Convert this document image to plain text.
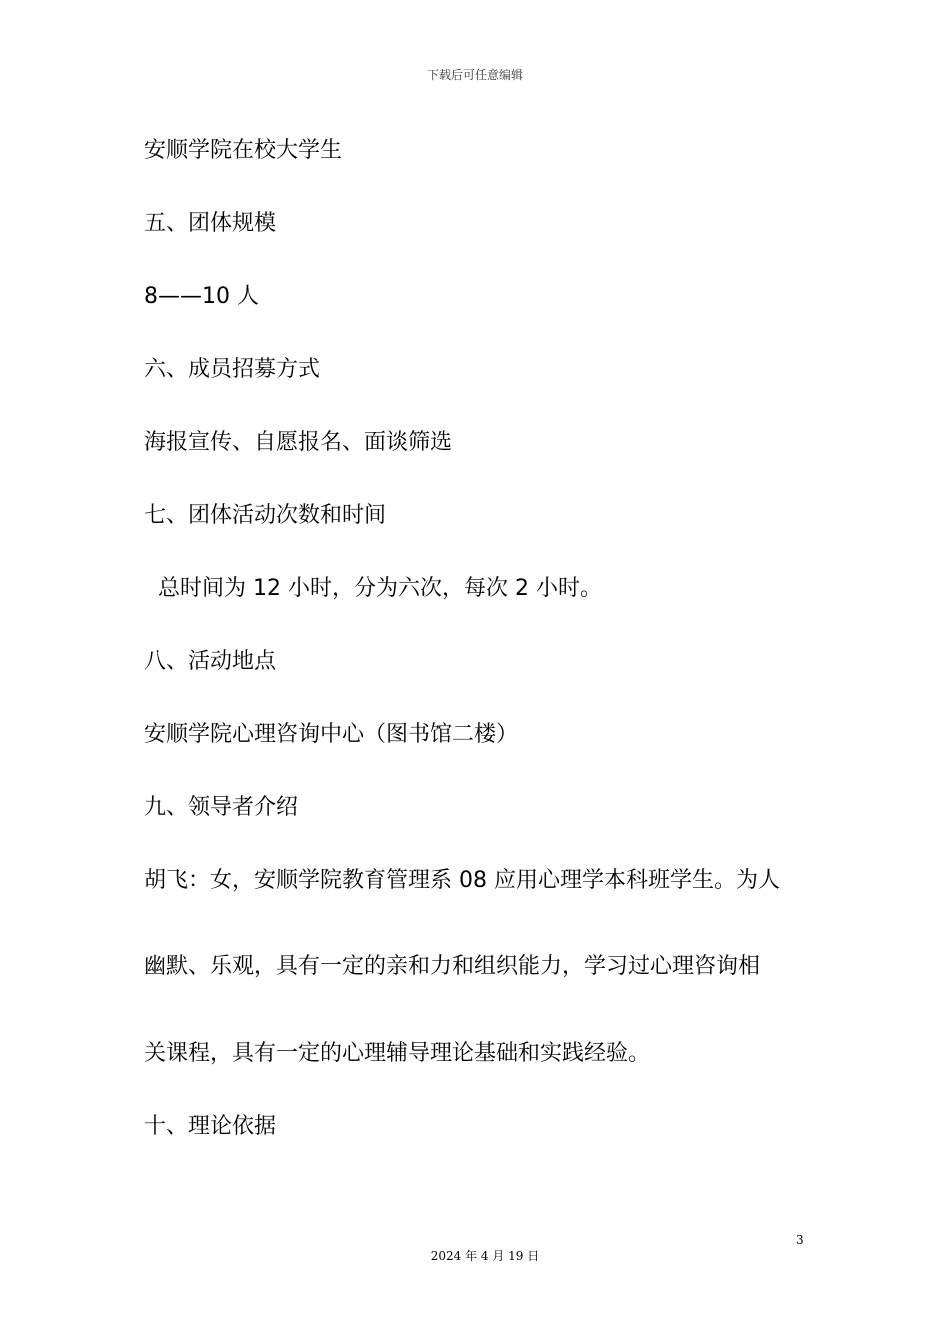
下载后可任意编辑
安顺学院在校大学生
五、团体规模
8——10 人
六、成员招募方式
海报宣传、自愿报名、面谈筛选
七、团体活动次数和时间
总时间为 12 小时，分为六次，每次 2 小时。
八、活动地点
安顺学院心理咨询中心（图书馆二楼）
九、领导者介绍
胡飞：女，安顺学院教育管理系 08 应用心理学本科班学生。为人
幽默、乐观，具有一定的亲和力和组织能力，学习过心理咨询相
关课程，具有一定的心理辅导理论基础和实践经验。
十、理论依据
3
2024 年 4 月 19 日
